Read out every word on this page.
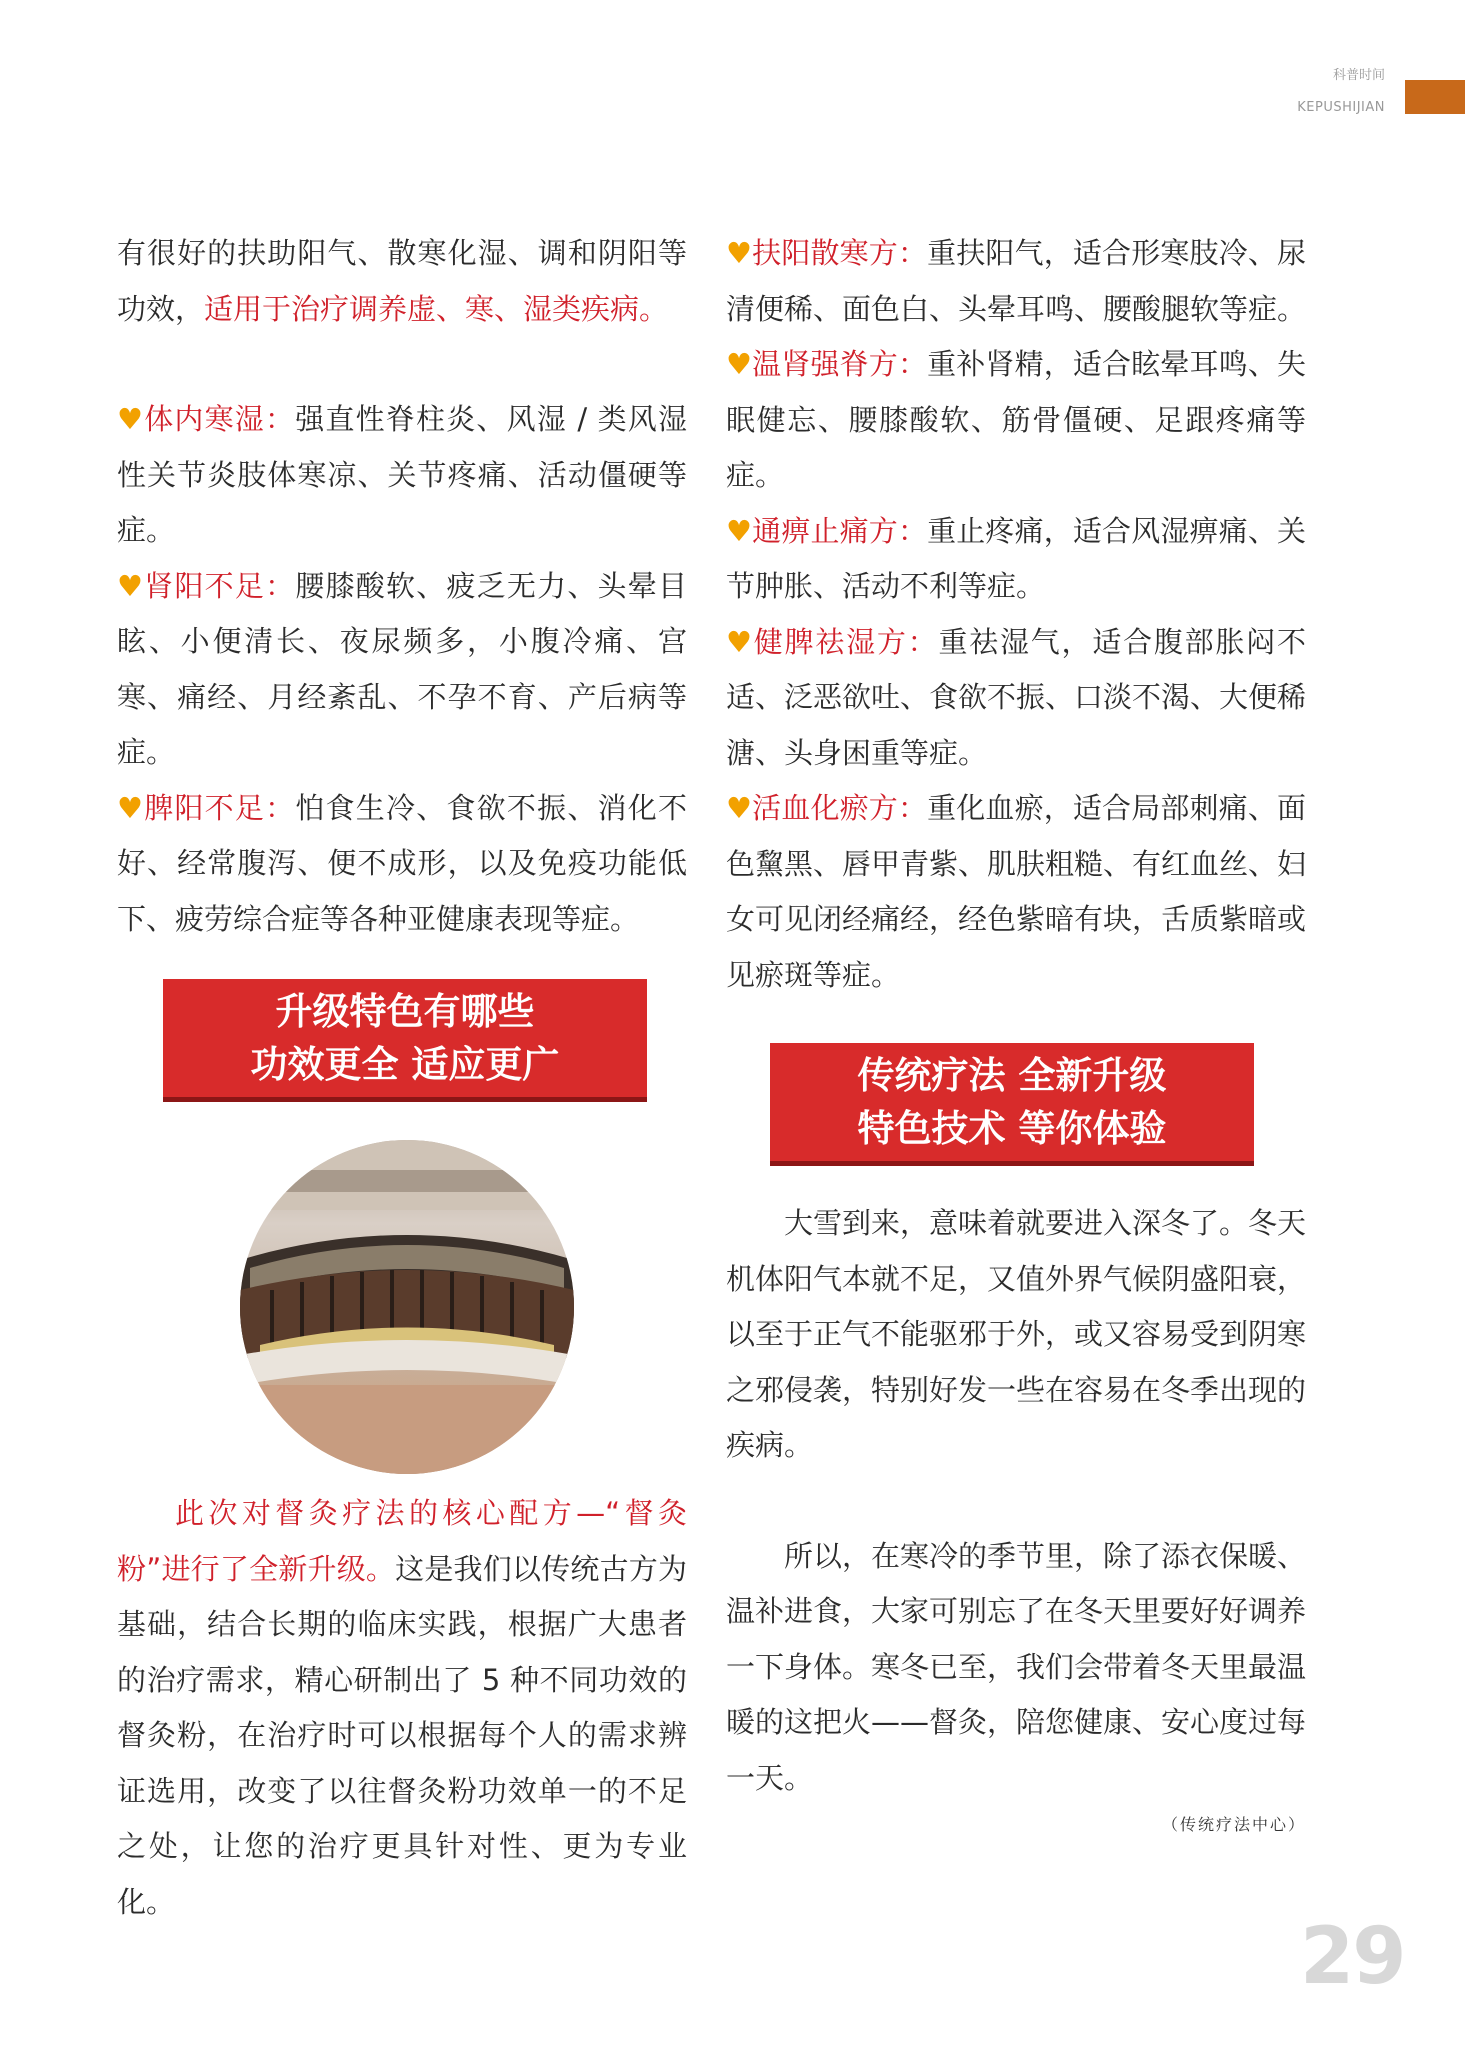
科普时间
KEPUSHIJIAN

有很好的扶助阳气、散寒化湿、调和阴阳等功效，适用于治疗调养虚、寒、湿类疾病。

♥体内寒湿：强直性脊柱炎、风湿 / 类风湿性关节炎肢体寒凉、关节疼痛、活动僵硬等症。

♥肾阳不足：腰膝酸软、疲乏无力、头晕目眩、小便清长、夜尿频多，小腹冷痛、宫寒、痛经、月经紊乱、不孕不育、产后病等症。

♥脾阳不足：怕食生冷、食欲不振、消化不好、经常腹泻、便不成形，以及免疫功能低下、疲劳综合症等各种亚健康表现等症。

升级特色有哪些
功效更全 适应更广

此次对督灸疗法的核心配方—“督灸粉”进行了全新升级。这是我们以传统古方为基础，结合长期的临床实践，根据广大患者的治疗需求，精心研制出了 5 种不同功效的督灸粉，在治疗时可以根据每个人的需求辨证选用，改变了以往督灸粉功效单一的不足之处，让您的治疗更具针对性、更为专业化。

♥扶阳散寒方：重扶阳气，适合形寒肢冷、尿清便稀、面色白、头晕耳鸣、腰酸腿软等症。

♥温肾强脊方：重补肾精，适合眩晕耳鸣、失眠健忘、腰膝酸软、筋骨僵硬、足跟疼痛等症。

♥通痹止痛方：重止疼痛，适合风湿痹痛、关节肿胀、活动不利等症。

♥健脾祛湿方：重祛湿气，适合腹部胀闷不适、泛恶欲吐、食欲不振、口淡不渴、大便稀溏、头身困重等症。

♥活血化瘀方：重化血瘀，适合局部刺痛、面色黧黑、唇甲青紫、肌肤粗糙、有红血丝、妇女可见闭经痛经，经色紫暗有块，舌质紫暗或见瘀斑等症。

传统疗法 全新升级
特色技术 等你体验

大雪到来，意味着就要进入深冬了。冬天机体阳气本就不足，又值外界气候阴盛阳衰，以至于正气不能驱邪于外，或又容易受到阴寒之邪侵袭，特别好发一些在容易在冬季出现的疾病。

所以，在寒冷的季节里，除了添衣保暖、温补进食，大家可别忘了在冬天里要好好调养一下身体。寒冬已至，我们会带着冬天里最温暖的这把火——督灸，陪您健康、安心度过每一天。

（传统疗法中心）
29
